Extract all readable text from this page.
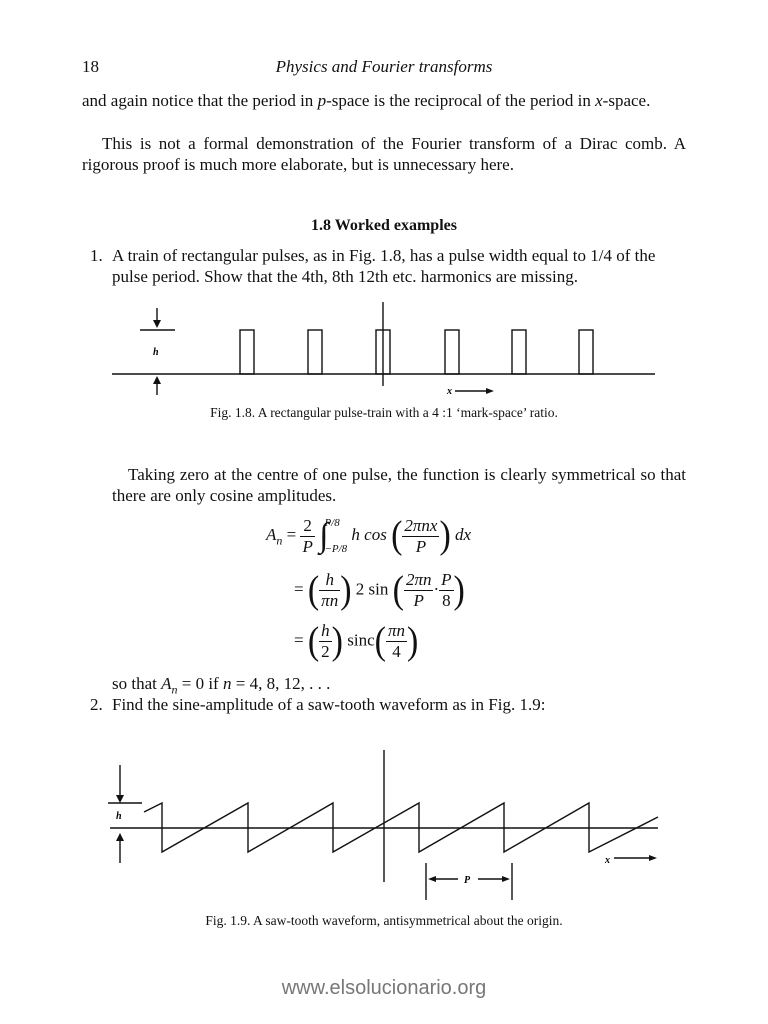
18	Physics and Fourier transforms
and again notice that the period in p-space is the reciprocal of the period in x-space.
This is not a formal demonstration of the Fourier transform of a Dirac comb. A rigorous proof is much more elaborate, but is unnecessary here.
1.8 Worked examples
1. A train of rectangular pulses, as in Fig. 1.8, has a pulse width equal to 1/4 of the pulse period. Show that the 4th, 8th 12th etc. harmonics are missing.
h
x
Fig. 1.8. A rectangular pulse-train with a 4 :1 ‘mark-space’ ratio.
Taking zero at the centre of one pulse, the function is clearly symmetrical so that there are only cosine amplitudes.
$A_n = \frac{2}{P}$ ∫
P/8
−P/8
h cos ( $\frac{\text{2πnx}}{P}$ ) dx
= ( $\frac{h}{\pi n}$ ) 2 sin ( $\frac{2\pi n}{P} \cdot \frac{P}{8}$ )
= ( $\frac{h}{2}$ ) $\sin c( \frac{\pi n}{4}$ )
so that $A_n = 0$ if n = 4, 8, 12, . . .
2. Find the sine-amplitude of a saw-tooth waveform as in Fig. 1.9:
h
x
P
Fig. 1.9. A saw-tooth waveform, antisymmetrical about the origin.
www.elsolucionario.org
